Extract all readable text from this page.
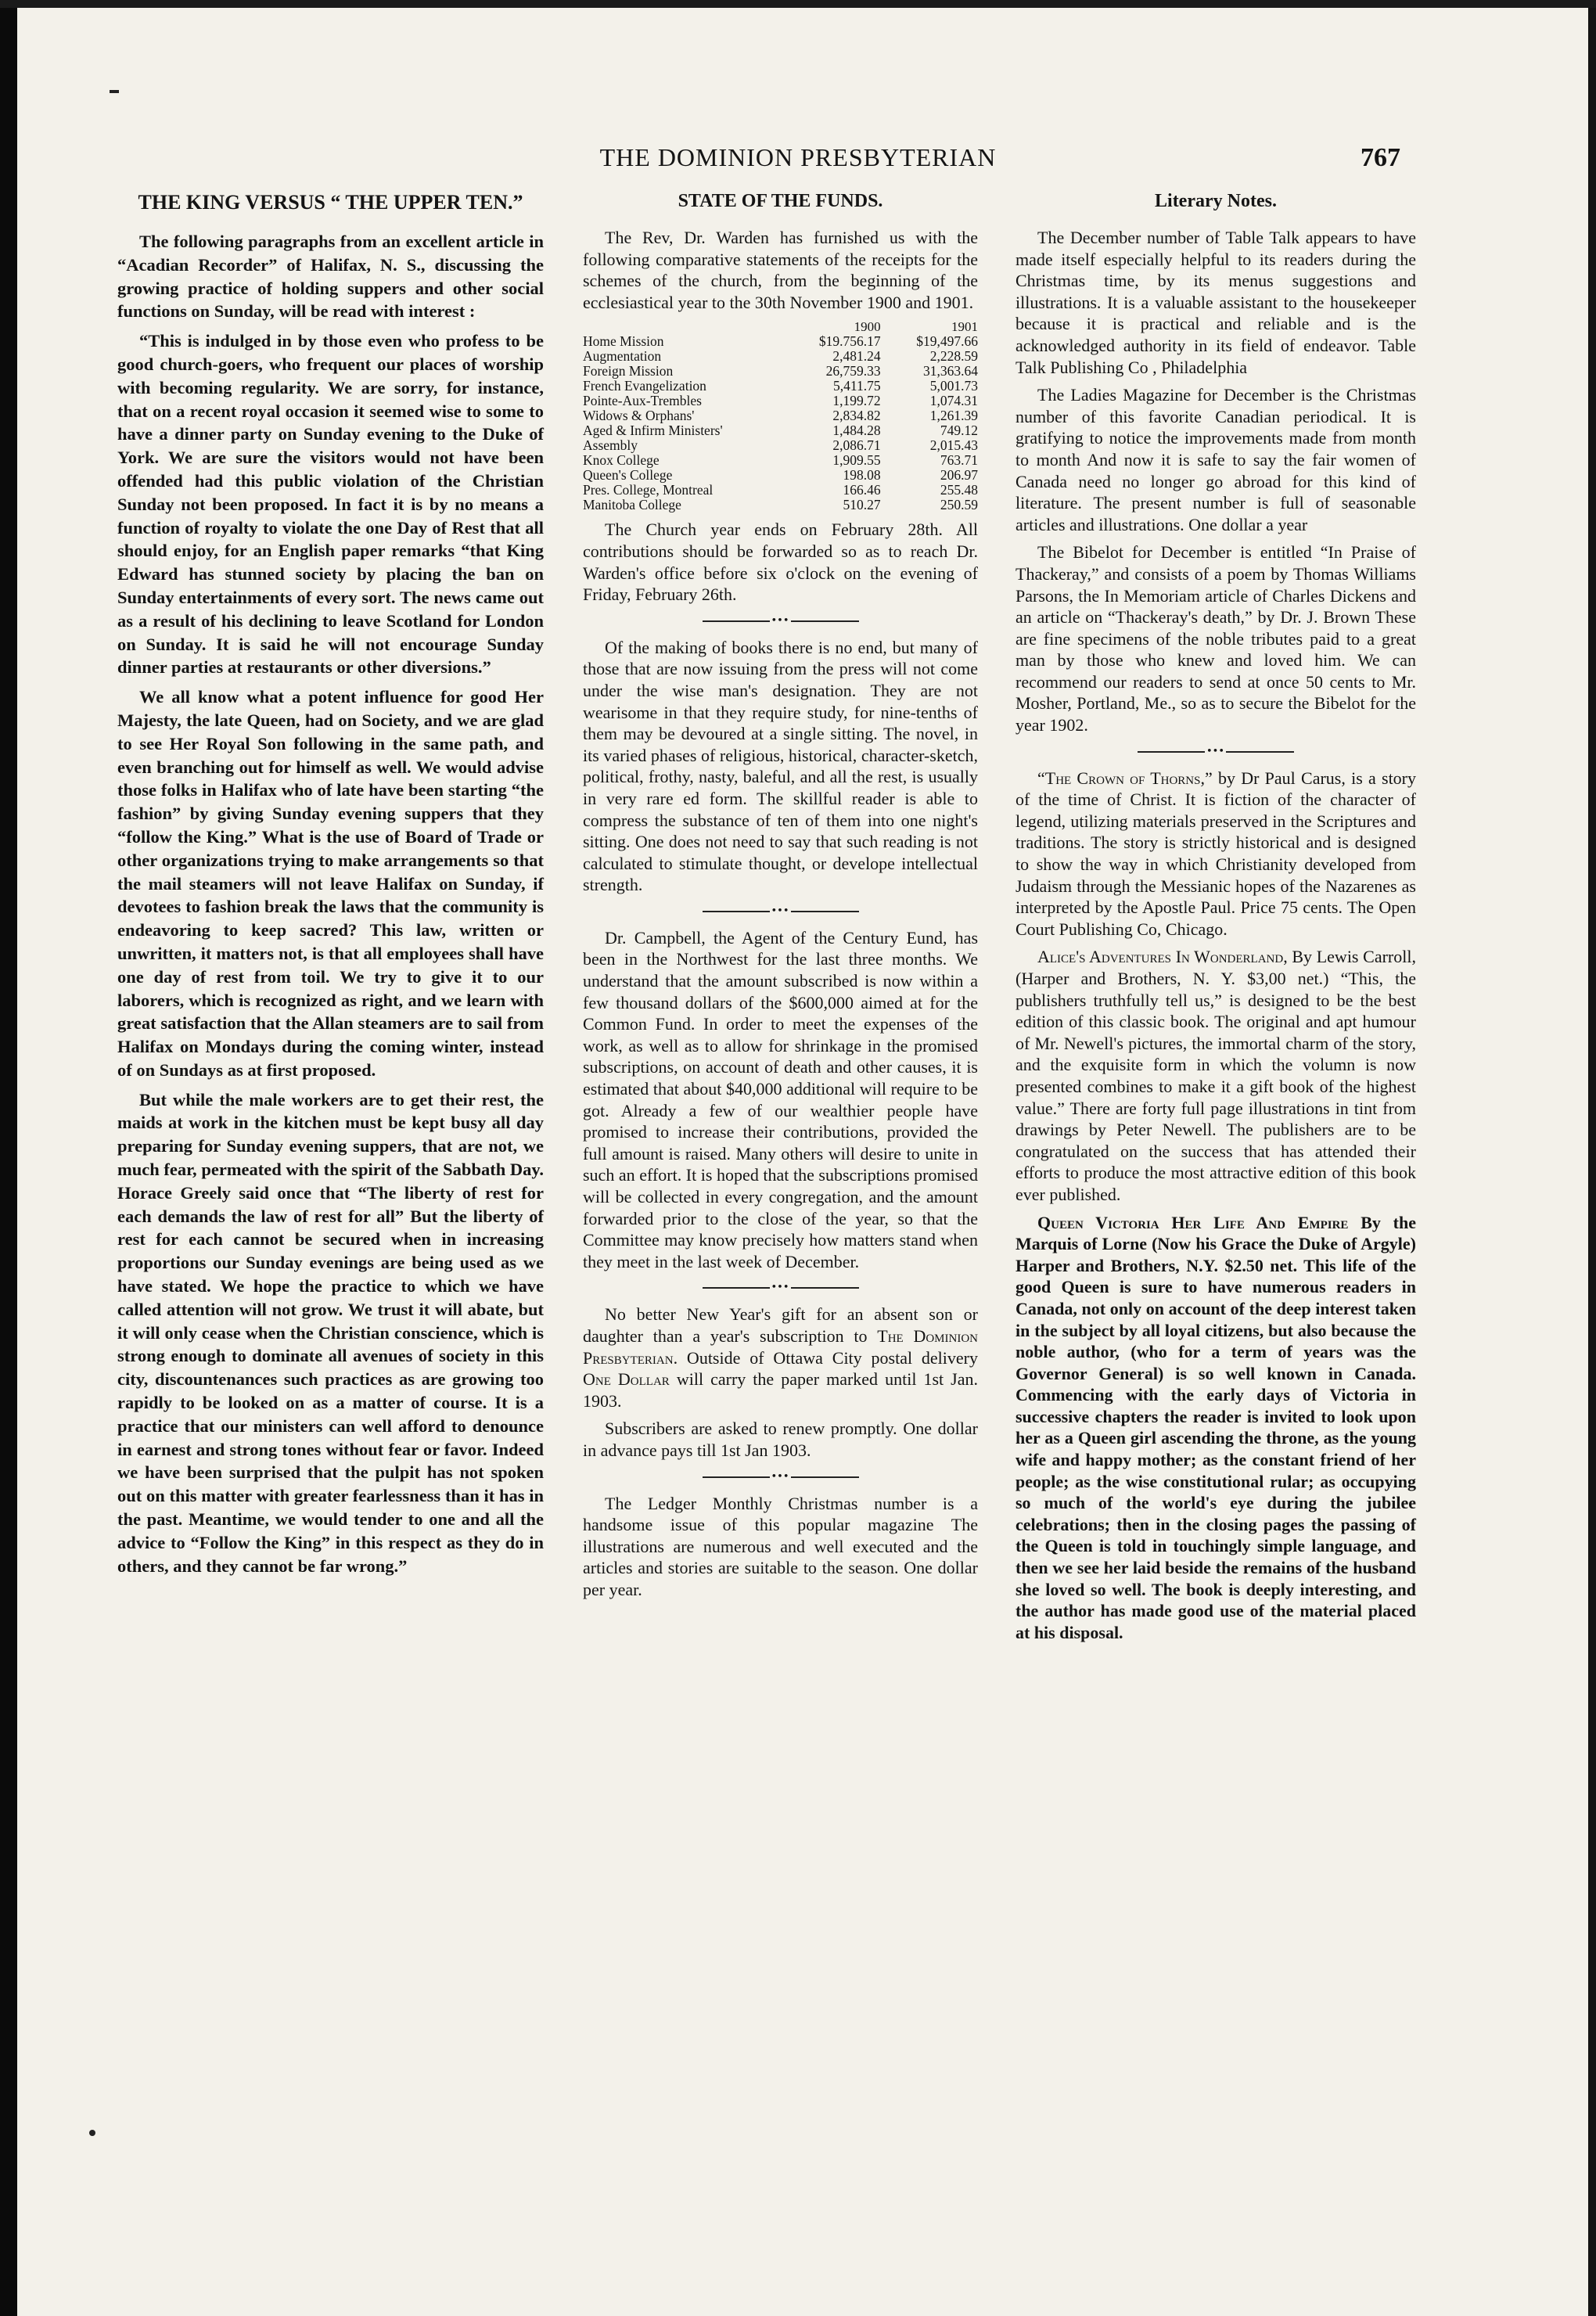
THE DOMINION PRESBYTERIAN	767
THE KING VERSUS “ THE UPPER TEN.”

The following paragraphs from an excellent article in “Acadian Recorder” of Halifax, N. S., discussing the growing practice of holding suppers and other social functions on Sunday, will be read with interest :

“This is indulged in by those even who profess to be good church-goers, who frequent our places of worship with becoming regularity. We are sorry, for instance, that on a recent royal occasion it seemed wise to some to have a dinner party on Sunday evening to the Duke of York. We are sure the visitors would not have been offended had this public violation of the Christian Sunday not been proposed. In fact it is by no means a function of royalty to violate the one Day of Rest that all should enjoy, for an English paper remarks “that King Edward has stunned society by placing the ban on Sunday entertainments of every sort. The news came out as a result of his declining to leave Scotland for London on Sunday. It is said he will not encourage Sunday dinner parties at restaurants or other diversions.”

We all know what a potent influence for good Her Majesty, the late Queen, had on Society, and we are glad to see Her Royal Son following in the same path, and even branching out for himself as well. We would advise those folks in Halifax who of late have been starting “the fashion” by giving Sunday evening suppers that they “follow the King.” What is the use of Board of Trade or other organizations trying to make arrangements so that the mail steamers will not leave Halifax on Sunday, if devotees to fashion break the laws that the community is endeavoring to keep sacred? This law, written or unwritten, it matters not, is that all employees shall have one day of rest from toil. We try to give it to our laborers, which is recognized as right, and we learn with great satisfaction that the Allan steamers are to sail from Halifax on Mondays during the coming winter, instead of on Sundays as at first proposed.

But while the male workers are to get their rest, the maids at work in the kitchen must be kept busy all day preparing for Sunday evening suppers, that are not, we much fear, permeated with the spirit of the Sabbath Day. Horace Greely said once that “The liberty of rest for each demands the law of rest for all” But the liberty of rest for each cannot be secured when in increasing proportions our Sunday evenings are being used as we have stated. We hope the practice to which we have called attention will not grow. We trust it will abate, but it will only cease when the Christian conscience, which is strong enough to dominate all avenues of society in this city, discountenances such practices as are growing too rapidly to be looked on as a matter of course. It is a practice that our ministers can well afford to denounce in earnest and strong tones without fear or favor. Indeed we have been surprised that the pulpit has not spoken out on this matter with greater fearlessness than it has in the past. Meantime, we would tender to one and all the advice to “Follow the King” in this respect as they do in others, and they cannot be far wrong.”

STATE OF THE FUNDS.

The Rev, Dr. Warden has furnished us with the following comparative statements of the receipts for the schemes of the church, from the beginning of the ecclesiastical year to the 30th November 1900 and 1901.

	1900	1901
Home Mission	$19.756.17	$19,497.66
Augmentation	2,481.24	2,228.59
Foreign Mission	26,759.33	31,363.64
French Evangelization	5,411.75	5,001.73
Pointe-Aux-Trembles	1,199.72	1,074.31
Widows & Orphans'	2,834.82	1,261.39
Aged & Infirm Ministers'	1,484.28	749.12
Assembly	2,086.71	2,015.43
Knox College	1,909.55	763.71
Queen's College	198.08	206.97
Pres. College, Montreal	166.46	255.48
Manitoba College	510.27	250.59

The Church year ends on February 28th. All contributions should be forwarded so as to reach Dr. Warden's office before six o'clock on the evening of Friday, February 26th.

•••

Of the making of books there is no end, but many of those that are now issuing from the press will not come under the wise man's designation. They are not wearisome in that they require study, for nine-tenths of them may be devoured at a single sitting. The novel, in its varied phases of religious, historical, character-sketch, political, frothy, nasty, baleful, and all the rest, is usually in very rare ed form. The skillful reader is able to compress the substance of ten of them into one night's sitting. One does not need to say that such reading is not calculated to stimulate thought, or develope intellectual strength.

•••

Dr. Campbell, the Agent of the Century Eund, has been in the Northwest for the last three months. We understand that the amount subscribed is now within a few thousand dollars of the $600,000 aimed at for the Common Fund. In order to meet the expenses of the work, as well as to allow for shrinkage in the promised subscriptions, on account of death and other causes, it is estimated that about $40,000 additional will require to be got. Already a few of our wealthier people have promised to increase their contributions, provided the full amount is raised. Many others will desire to unite in such an effort. It is hoped that the subscriptions promised will be collected in every congregation, and the amount forwarded prior to the close of the year, so that the Committee may know precisely how matters stand when they meet in the last week of December.

•••

No better New Year's gift for an absent son or daughter than a year's subscription to The Dominion Presbyterian. Outside of Ottawa City postal delivery One Dollar will carry the paper marked until 1st Jan. 1903.

Subscribers are asked to renew promptly. One dollar in advance pays till 1st Jan 1903.

•••

The Ledger Monthly Christmas number is a handsome issue of this popular magazine The illustrations are numerous and well executed and the articles and stories are suitable to the season. One dollar per year.

Literary Notes.

The December number of Table Talk appears to have made itself especially helpful to its readers during the Christmas time, by its menus suggestions and illustrations. It is a valuable assistant to the housekeeper because it is practical and reliable and is the acknowledged authority in its field of endeavor. Table Talk Publishing Co , Philadelphia

The Ladies Magazine for December is the Christmas number of this favorite Canadian periodical. It is gratifying to notice the improvements made from month to month And now it is safe to say the fair women of Canada need no longer go abroad for this kind of literature. The present number is full of seasonable articles and illustrations. One dollar a year

The Bibelot for December is entitled “In Praise of Thackeray,” and consists of a poem by Thomas Williams Parsons, the In Memoriam article of Charles Dickens and an article on “Thackeray's death,” by Dr. J. Brown These are fine specimens of the noble tributes paid to a great man by those who knew and loved him. We can recommend our readers to send at once 50 cents to Mr. Mosher, Portland, Me., so as to secure the Bibelot for the year 1902.

•••

“The Crown of Thorns,” by Dr Paul Carus, is a story of the time of Christ. It is fiction of the character of legend, utilizing materials preserved in the Scriptures and traditions. The story is strictly historical and is designed to show the way in which Christianity developed from Judaism through the Messianic hopes of the Nazarenes as interpreted by the Apostle Paul. Price 75 cents. The Open Court Publishing Co, Chicago.

Alice's Adventures In Wonderland, By Lewis Carroll, (Harper and Brothers, N. Y. $3,00 net.) “This, the publishers truthfully tell us,” is designed to be the best edition of this classic book. The original and apt humour of Mr. Newell's pictures, the immortal charm of the story, and the exquisite form in which the volumn is now presented combines to make it a gift book of the highest value.” There are forty full page illustrations in tint from drawings by Peter Newell. The publishers are to be congratulated on the success that has attended their efforts to produce the most attractive edition of this book ever published.

Queen Victoria Her Life And Empire By the Marquis of Lorne (Now his Grace the Duke of Argyle) Harper and Brothers, N.Y. $2.50 net. This life of the good Queen is sure to have numerous readers in Canada, not only on account of the deep interest taken in the subject by all loyal citizens, but also because the noble author, (who for a term of years was the Governor General) is so well known in Canada. Commencing with the early days of Victoria in successive chapters the reader is invited to look upon her as a Queen girl ascending the throne, as the young wife and happy mother; as the constant friend of her people; as the wise constitutional rular; as occupying so much of the world's eye during the jubilee celebrations; then in the closing pages the passing of the Queen is told in touchingly simple language, and then we see her laid beside the remains of the husband she loved so well. The book is deeply interesting, and the author has made good use of the material placed at his disposal.
